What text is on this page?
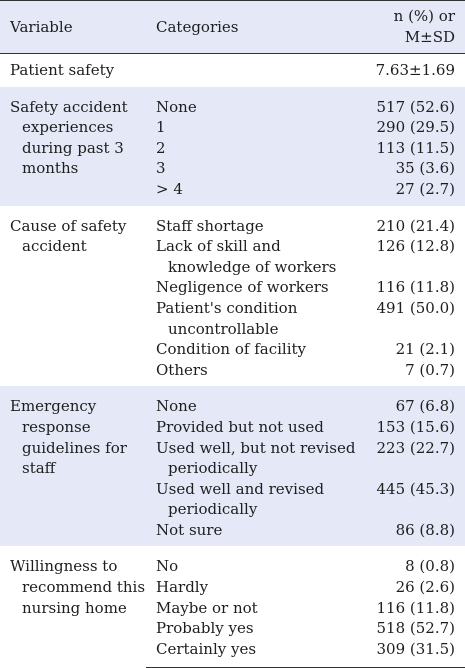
Variable	Categories	n (%) or
M±SD

Patient safety		7.63±1.69

Safety accident
experiences
during past 3
months	None	517 (52.6)

	1	290 (29.5)

	2	113 (11.5)

	3	35 (3.6)

	> 4	27 (2.7)

Cause of safety
accident	Staff shortage	210 (21.4)

	Lack of skill and
knowledge of workers	126 (12.8)

	Negligence of workers	116 (11.8)

	Patient's condition
uncontrollable	491 (50.0)

	Condition of facility	21 (2.1)

	Others	7 (0.7)

Emergency
response
guidelines for
staff	None	67 (6.8)

	Provided but not used	153 (15.6)

	Used well, but not revised
periodically	223 (22.7)

	Used well and revised
periodically	445 (45.3)

	Not sure	86 (8.8)

Willingness to
recommend this
nursing home	No	8 (0.8)

	Hardly	26 (2.6)

	Maybe or not	116 (11.8)

	Probably yes	518 (52.7)

	Certainly yes	309 (31.5)
